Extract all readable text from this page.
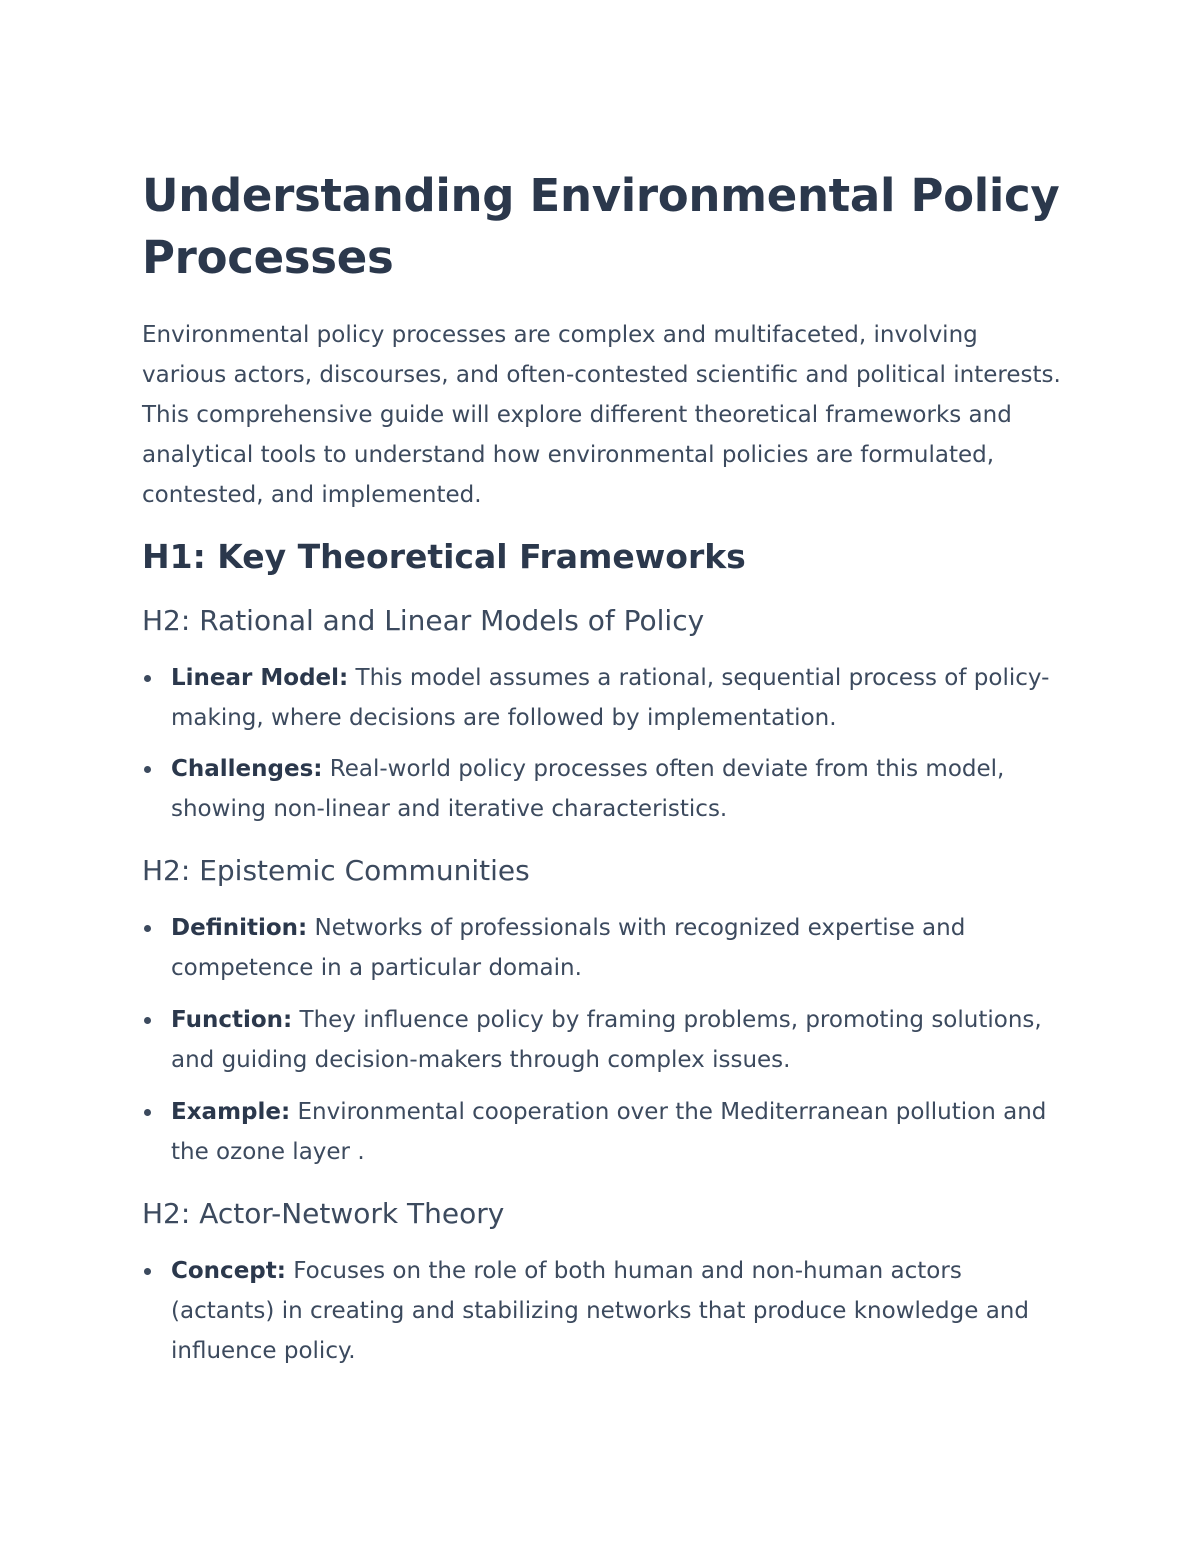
Understanding Environmental Policy Processes

Environmental policy processes are complex and multifaceted, involving various actors, discourses, and often-contested scientific and political interests. This comprehensive guide will explore different theoretical frameworks and analytical tools to understand how environmental policies are formulated, contested, and implemented.

H1: Key Theoretical Frameworks
H2: Rational and Linear Models of Policy
Linear Model: This model assumes a rational, sequential process of policy-making, where decisions are followed by implementation.
Challenges: Real-world policy processes often deviate from this model, showing non-linear and iterative characteristics.
H2: Epistemic Communities
Definition: Networks of professionals with recognized expertise and competence in a particular domain.
Function: They influence policy by framing problems, promoting solutions, and guiding decision-makers through complex issues.
Example: Environmental cooperation over the Mediterranean pollution and the ozone layer .
H2: Actor-Network Theory
Concept: Focuses on the role of both human and non-human actors (actants) in creating and stabilizing networks that produce knowledge and influence policy.
